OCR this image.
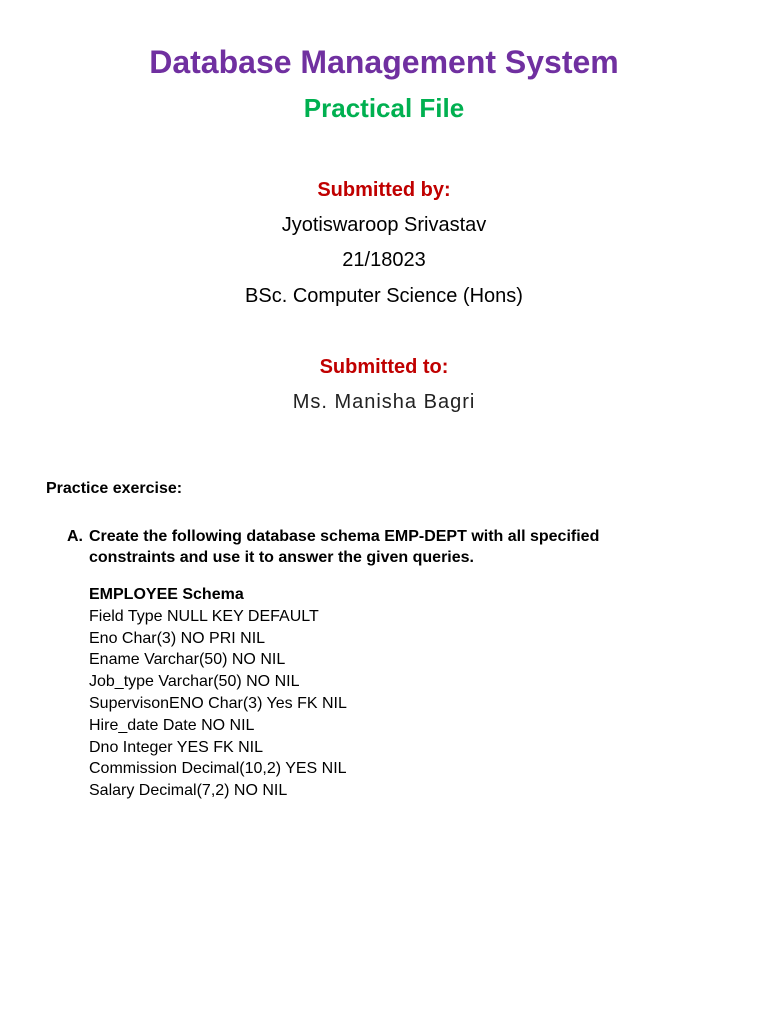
Database Management System
Practical File
Submitted by:
Jyotiswaroop Srivastav
21/18023
BSc. Computer Science (Hons)
Submitted to:
Ms. Manisha Bagri
Practice exercise:
A. Create the following database schema EMP-DEPT with all specified
constraints and use it to answer the given queries.
EMPLOYEE Schema
Field Type NULL KEY DEFAULT
Eno Char(3) NO PRI NIL
Ename Varchar(50) NO NIL
Job_type Varchar(50) NO NIL
SupervisonENO Char(3) Yes FK NIL
Hire_date Date NO NIL
Dno Integer YES FK NIL
Commission Decimal(10,2) YES NIL
Salary Decimal(7,2) NO NIL
